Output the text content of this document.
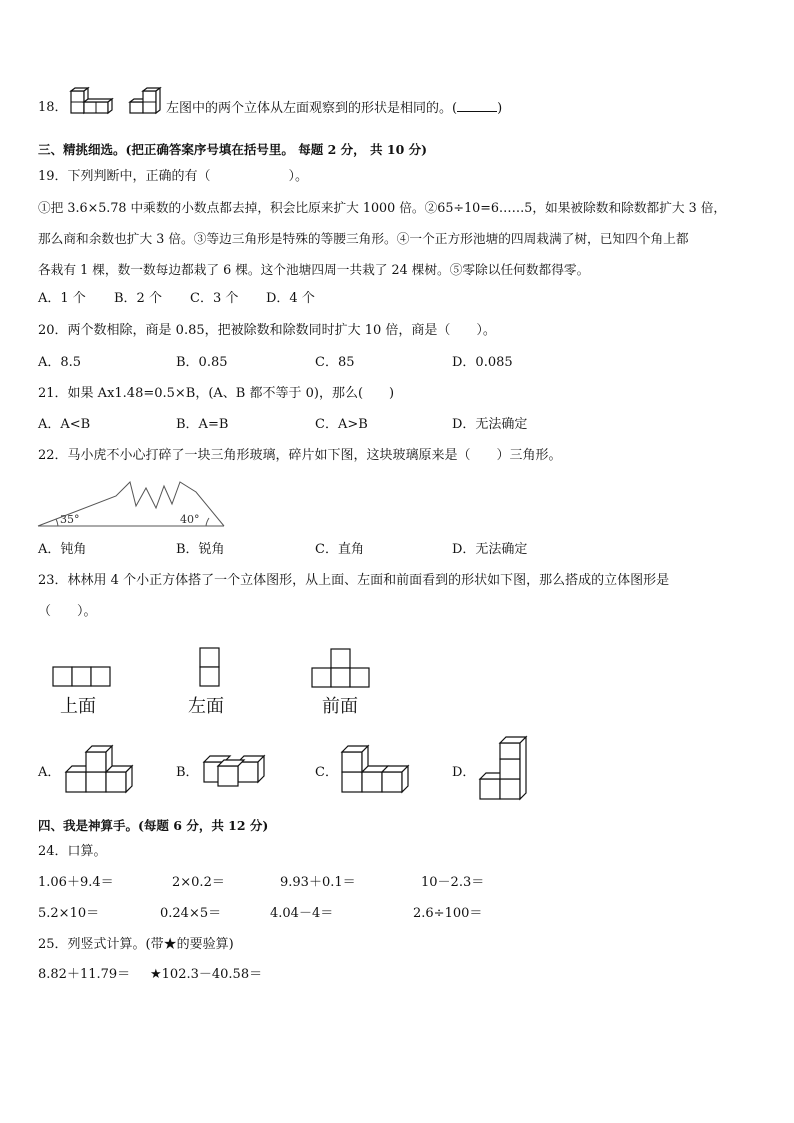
18．	左图中的两个立体从左面观察到的形状是相同的。(	)
三、精挑细选。(把正确答案序号填在括号里。 每题 2 分， 共 10 分)
19．下列判断中，正确的有（　　　　　　）。
①把 3.6×5.78 中乘数的小数点都去掉，积会比原来扩大 1000 倍。②65÷10=6……5，如果被除数和除数都扩大 3 倍，
那么商和余数也扩大 3 倍。③等边三角形是特殊的等腰三角形。④一个正方形池塘的四周栽满了树，已知四个角上都
各栽有 1 棵，数一数每边都栽了 6 棵。这个池塘四周一共栽了 24 棵树。⑤零除以任何数都得零。
A．1 个 B．2 个 C．3 个 D．4 个
20．两个数相除，商是 0.85，把被除数和除数同时扩大 10 倍，商是（　　）。
A．8.5	B．0.85	C．85	D．0.085
21．如果 Ax1.48=0.5×B，(A、B 都不等于 0)，那么(　　)
A．A<B	B．A=B	C．A>B	D．无法确定
22．马小虎不小心打碎了一块三角形玻璃，碎片如下图，这块玻璃原来是（　　）三角形。
35°	40°
A．钝角	B．锐角	C．直角	D．无法确定
23．林林用 4 个小正方体搭了一个立体图形，从上面、左面和前面看到的形状如下图，那么搭成的立体图形是
（　　）。
上面	左面	前面
A．	B．	C．	D．
四、我是神算手。(每题 6 分，共 12 分)
24．口算。
1.06＋9.4＝	2×0.2＝	9.93＋0.1＝	10－2.3＝
5.2×10＝	0.24×5＝	4.04－4＝	2.6÷100＝
25．列竖式计算。(带★的要验算)
8.82＋11.79＝ ★102.3－40.58＝
